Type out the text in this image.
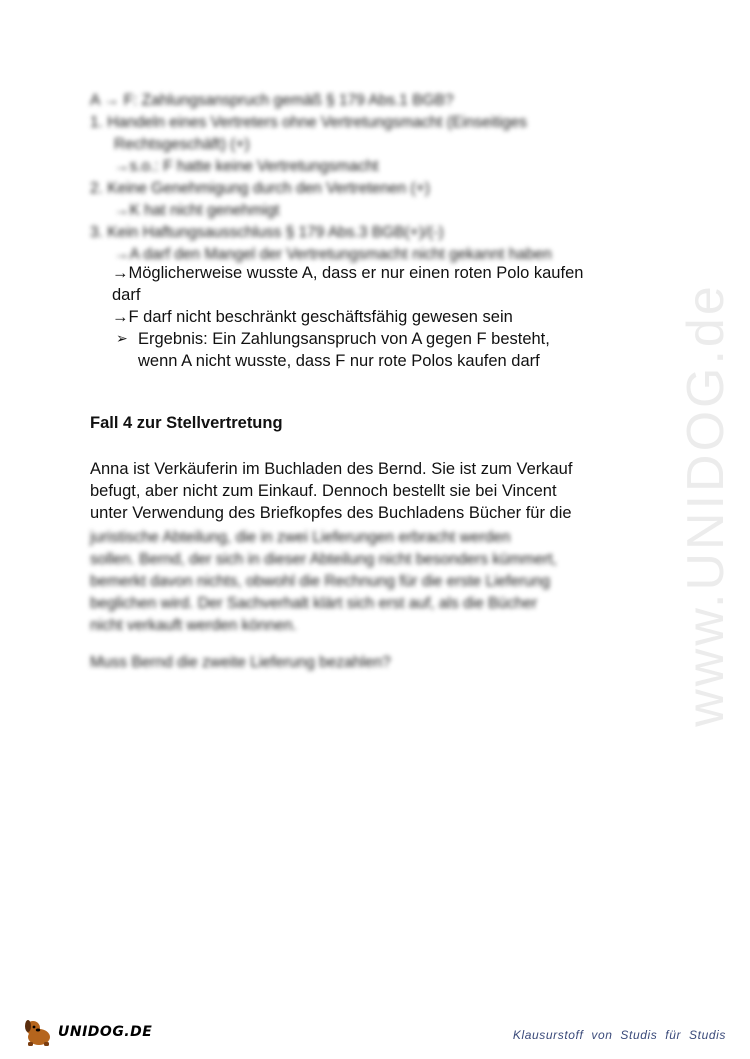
www.UNIDOG.de
A → F: Zahlungsanspruch gemäß § 179 Abs.1 BGB?
1. Handeln eines Vertreters ohne Vertretungsmacht (Einseitiges
Rechtsgeschäft) (+)
→s.o.: F hatte keine Vertretungsmacht
2. Keine Genehmigung durch den Vertretenen (+)
→K hat nicht genehmigt
3. Kein Haftungsausschluss § 179 Abs.3 BGB(+)/(-)
→A darf den Mangel der Vertretungsmacht nicht gekannt haben
→Möglicherweise wusste A, dass er nur einen roten Polo kaufen
darf
→F darf nicht beschränkt geschäftsfähig gewesen sein
➢ Ergebnis: Ein Zahlungsanspruch von A gegen F besteht,
wenn A nicht wusste, dass F nur rote Polos kaufen darf
Fall 4 zur Stellvertretung
Anna ist Verkäuferin im Buchladen des Bernd. Sie ist zum Verkauf
befugt, aber nicht zum Einkauf. Dennoch bestellt sie bei Vincent
unter Verwendung des Briefkopfes des Buchladens Bücher für die
juristische Abteilung, die in zwei Lieferungen erbracht werden
sollen. Bernd, der sich in dieser Abteilung nicht besonders kümmert,
bemerkt davon nichts, obwohl die Rechnung für die erste Lieferung
beglichen wird. Der Sachverhalt klärt sich erst auf, als die Bücher
nicht verkauft werden können.
Muss Bernd die zweite Lieferung bezahlen?
UNIDOG.DE	Klausurstoff von Studis für Studis
